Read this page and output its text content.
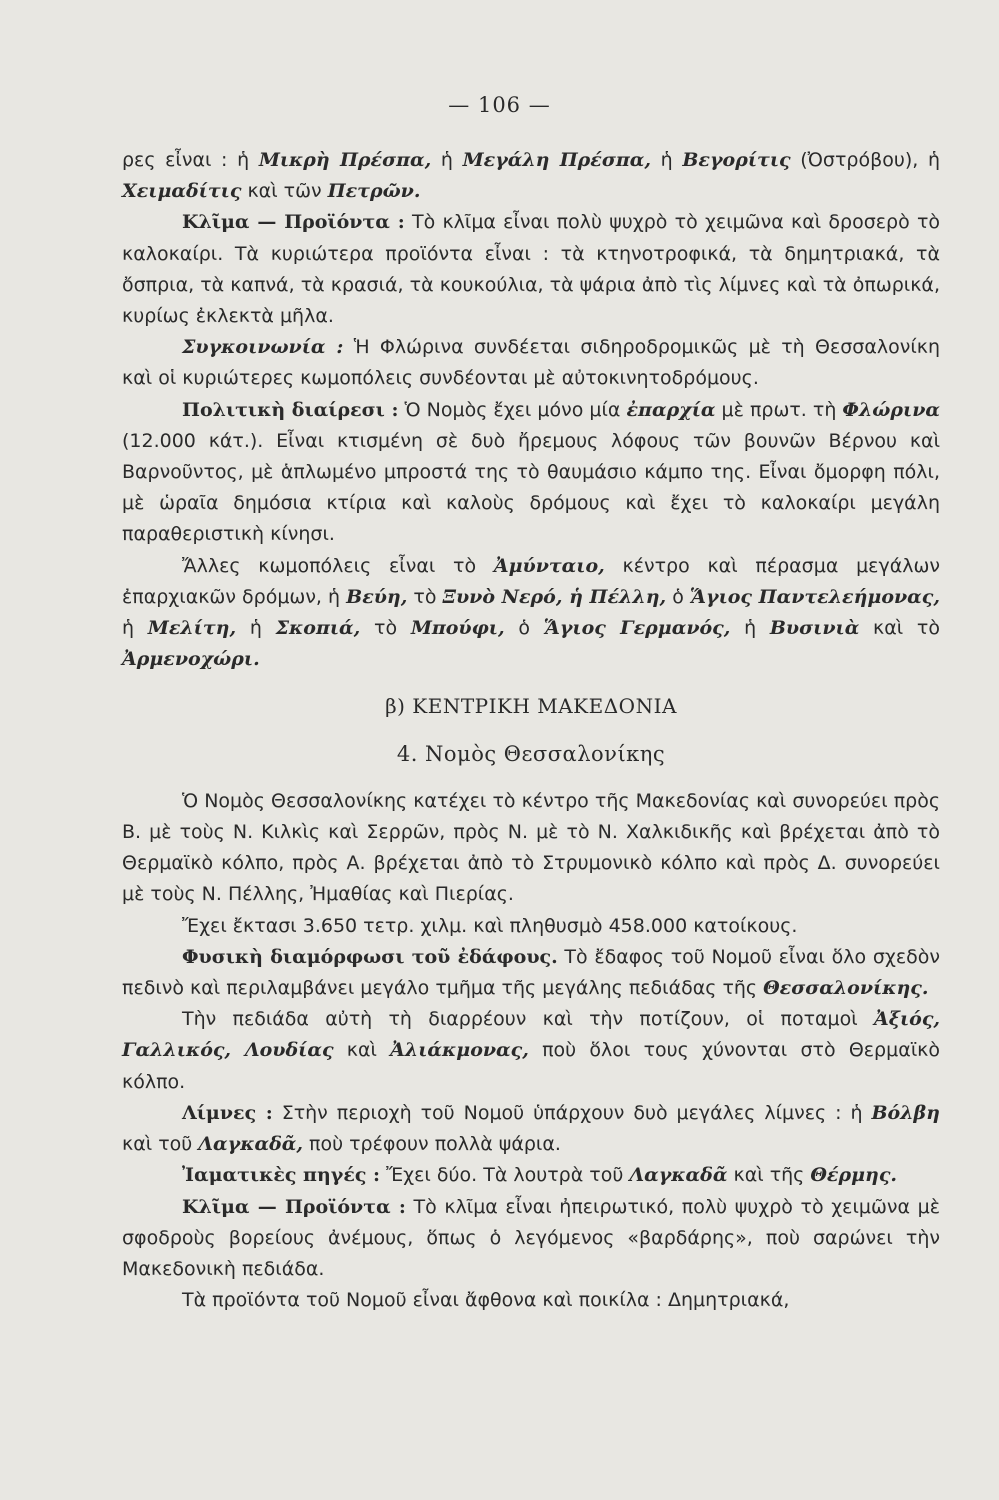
— 106 —

ρες εἶναι : ἡ Μικρὴ Πρέσπα, ἡ Μεγάλη Πρέσπα, ἡ Βεγορίτις (Ὀστρόβου), ἡ Χειμαδίτις καὶ τῶν Πετρῶν.

Κλῖμα — Προϊόντα : Τὸ κλῖμα εἶναι πολὺ ψυχρὸ τὸ χειμῶνα καὶ δροσερὸ τὸ καλοκαίρι. Τὰ κυριώτερα προϊόντα εἶναι : τὰ κτηνοτροφικά, τὰ δημητριακά, τὰ ὄσπρια, τὰ καπνά, τὰ κρασιά, τὰ κουκούλια, τὰ ψάρια ἀπὸ τὶς λίμνες καὶ τὰ ὀπωρικά, κυρίως ἐκλεκτὰ μῆλα.

Συγκοινωνία : Ἡ Φλώρινα συνδέεται σιδηροδρομικῶς μὲ τὴ Θεσσαλονίκη καὶ οἱ κυριώτερες κωμοπόλεις συνδέονται μὲ αὐτοκινητοδρόμους.

Πολιτικὴ διαίρεσι : Ὁ Νομὸς ἔχει μόνο μία ἐπαρχία μὲ πρωτ. τὴ Φλώρινα (12.000 κάτ.). Εἶναι κτισμένη σὲ δυὸ ἤρεμους λόφους τῶν βουνῶν Βέρνου καὶ Βαρνοῦντος, μὲ ἁπλωμένο μπροστά της τὸ θαυμάσιο κάμπο της. Εἶναι ὄμορφη πόλι, μὲ ὡραῖα δημόσια κτίρια καὶ καλοὺς δρόμους καὶ ἔχει τὸ καλοκαίρι μεγάλη παραθεριστικὴ κίνησι.

Ἄλλες κωμοπόλεις εἶναι τὸ Ἀμύνταιο, κέντρο καὶ πέρασμα μεγάλων ἐπαρχιακῶν δρόμων, ἡ Βεύη, τὸ Ξυνὸ Νερό, ἡ Πέλλη, ὁ Ἅγιος Παντελεήμονας, ἡ Μελίτη, ἡ Σκοπιά, τὸ Μπούφι, ὁ Ἅγιος Γερμανός, ἡ Βυσινιὰ καὶ τὸ Ἀρμενοχώρι.

β) ΚΕΝΤΡΙΚΗ ΜΑΚΕΔΟΝΙΑ

4. Νομὸς Θεσσαλονίκης

Ὁ Νομὸς Θεσσαλονίκης κατέχει τὸ κέντρο τῆς Μακεδονίας καὶ συνορεύει πρὸς Β. μὲ τοὺς Ν. Κιλκὶς καὶ Σερρῶν, πρὸς Ν. μὲ τὸ Ν. Χαλκιδικῆς καὶ βρέχεται ἀπὸ τὸ Θερμαϊκὸ κόλπο, πρὸς Α. βρέχεται ἀπὸ τὸ Στρυμονικὸ κόλπο καὶ πρὸς Δ. συνορεύει μὲ τοὺς Ν. Πέλλης, Ἠμαθίας καὶ Πιερίας.

Ἔχει ἔκτασι 3.650 τετρ. χιλμ. καὶ πληθυσμὸ 458.000 κατοίκους.

Φυσικὴ διαμόρφωσι τοῦ ἐδάφους. Τὸ ἔδαφος τοῦ Νομοῦ εἶναι ὅλο σχεδὸν πεδινὸ καὶ περιλαμβάνει μεγάλο τμῆμα τῆς μεγάλης πεδιάδας τῆς Θεσσαλονίκης.

Τὴν πεδιάδα αὐτὴ τὴ διαρρέουν καὶ τὴν ποτίζουν, οἱ ποταμοὶ Ἀξιός, Γαλλικός, Λουδίας καὶ Ἀλιάκμονας, ποὺ ὅλοι τους χύνονται στὸ Θερμαϊκὸ κόλπο.

Λίμνες : Στὴν περιοχὴ τοῦ Νομοῦ ὑπάρχουν δυὸ μεγάλες λίμνες : ἡ Βόλβη καὶ τοῦ Λαγκαδᾶ, ποὺ τρέφουν πολλὰ ψάρια.

Ἰαματικὲς πηγές : Ἔχει δύο. Τὰ λουτρὰ τοῦ Λαγκαδᾶ καὶ τῆς Θέρμης.

Κλῖμα — Προϊόντα : Τὸ κλῖμα εἶναι ἠπειρωτικό, πολὺ ψυχρὸ τὸ χειμῶνα μὲ σφοδροὺς βορείους ἀνέμους, ὅπως ὁ λεγόμενος «βαρδάρης», ποὺ σαρώνει τὴν Μακεδονικὴ πεδιάδα.

Τὰ προϊόντα τοῦ Νομοῦ εἶναι ἄφθονα καὶ ποικίλα : Δημητριακά,
